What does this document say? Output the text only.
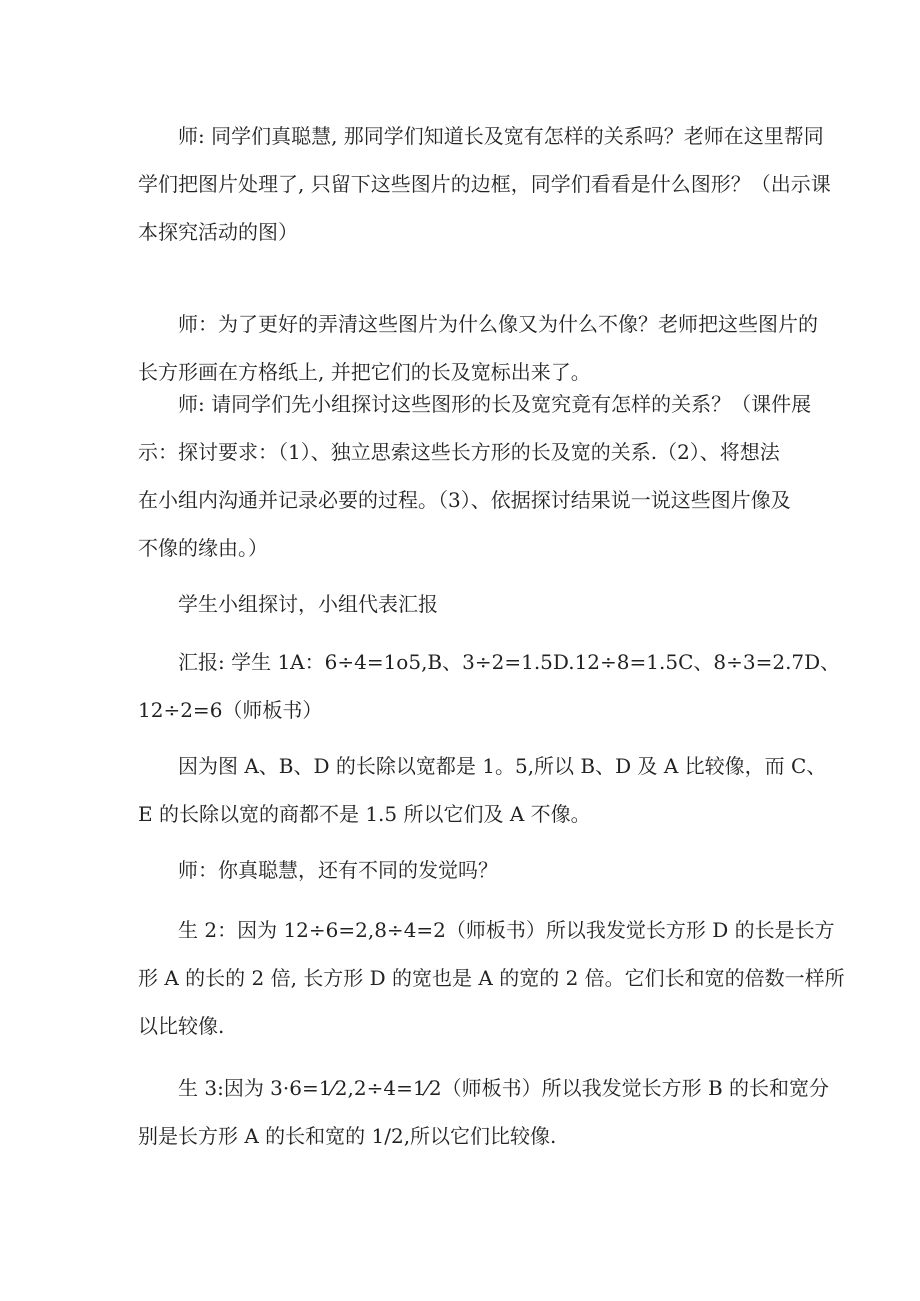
师: 同学们真聪慧, 那同学们知道长及宽有怎样的关系吗？老师在这里帮同
学们把图片处理了, 只留下这些图片的边框，同学们看看是什么图形？（出示课
本探究活动的图）
师：为了更好的弄清这些图片为什么像又为什么不像？老师把这些图片的
长方形画在方格纸上, 并把它们的长及宽标出来了。
师: 请同学们先小组探讨这些图形的长及宽究竟有怎样的关系？（课件展
示：探讨要求：（1）、独立思索这些长方形的长及宽的关系.（2）、将想法
在小组内沟通并记录必要的过程。（3）、依据探讨结果说一说这些图片像及
不像的缘由。）
学生小组探讨，小组代表汇报
汇报: 学生 1A：6÷4=1o5,B、3÷2=1.5D.12÷8=1.5C、8÷3=2.7D、
12÷2=6（师板书）
因为图 A、B、D 的长除以宽都是 1。5,所以 B、D 及 A 比较像，而 C、
E 的长除以宽的商都不是 1.5 所以它们及 A 不像。
师：你真聪慧，还有不同的发觉吗？
生 2：因为 12÷6=2,8÷4=2（师板书）所以我发觉长方形 D 的长是长方
形 A 的长的 2 倍, 长方形 D 的宽也是 A 的宽的 2 倍。它们长和宽的倍数一样所
以比较像.
生 3:因为 3·6=1⁄2,2÷4=1⁄2（师板书）所以我发觉长方形 B 的长和宽分
别是长方形 A 的长和宽的 1/2,所以它们比较像.
